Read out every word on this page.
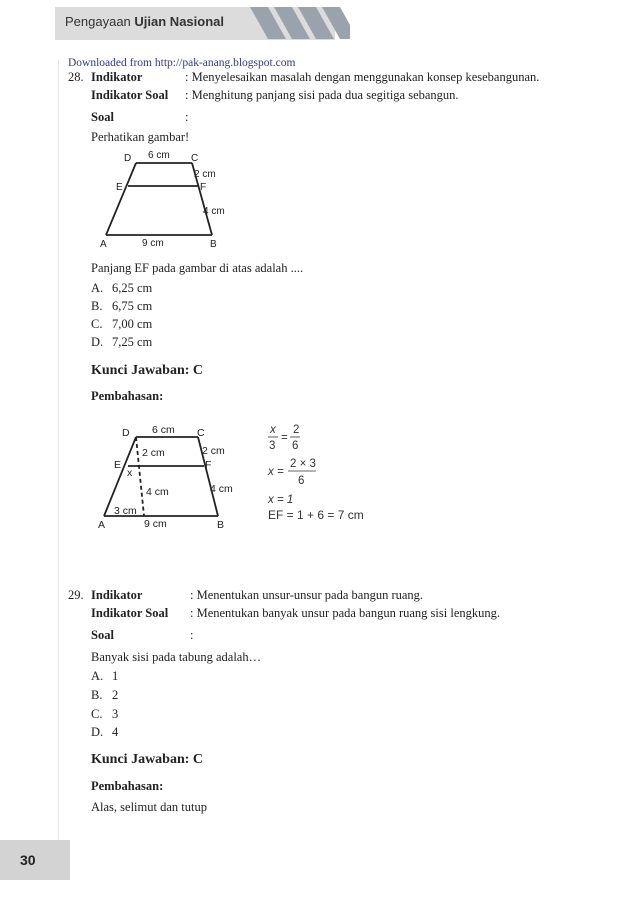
Pengayaan Ujian Nasional
Downloaded from http://pak-anang.blogspot.com
28. Indikator	: Menyelesaikan masalah dengan menggunakan konsep kesebangunan.
Indikator Soal : Menghitung panjang sisi pada dua segitiga sebangun.
Soal	:
Perhatikan gambar!
D	C
E	F
A	B
6 cm
2 cm
4 cm
9 cm
Panjang EF pada gambar di atas adalah ....
A. 6,25 cm
B. 6,75 cm
C. 7,00 cm
D. 7,25 cm
Kunci Jawaban: C
Pembahasan:
D	C
E	F
A	B
x
6 cm
2 cm
4 cm
2 cm
4 cm
3 cm
9 cm
x
3
=
2
6
x =
2 × 3
6
x = 1
EF = 1 + 6 = 7 cm
29. Indikator	: Menentukan unsur-unsur pada bangun ruang.
Indikator Soal : Menentukan banyak unsur pada bangun ruang sisi lengkung.
Soal	:
Banyak sisi pada tabung adalah…
A. 1
B. 2
C. 3
D. 4
Kunci Jawaban: C
Pembahasan:
Alas, selimut dan tutup
30
